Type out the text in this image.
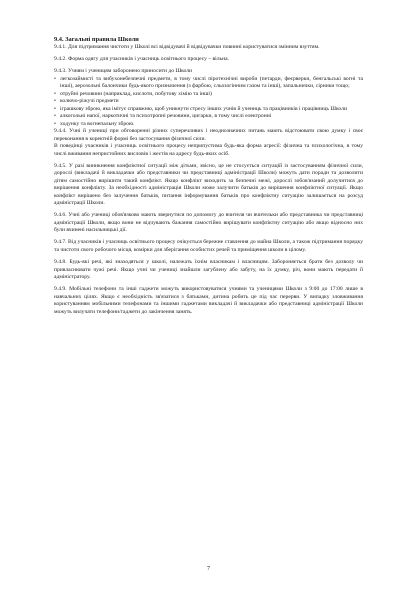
9.4. Загальні правила Школи

9.4.1. Для підтримання чистоти у Школі всі відвідувачі й відвідувачки повинні користуватися змінним взуттям.

9.4.2. Форма одягу для учасників і учасниць освітнього процесу – вільна.

9.4.3. Учням і ученицям заборонено приносити до Школи

• легкозаймисті та вибухонебезпечні предмети, в тому числі піротехнічні вироби (петарди, феєрверки, бенгальські вогні та інші), аерозольні балончики будь-якого призначення (з фарбою, сльозогінним газом та інші), запальнички, сірники тощо;
• отруйні речовини (наприклад, кислоти, побутову хімію та інші)
• колючо-ріжучі предмети
• іграшкову зброю, яка імітує справжню, щоб уникнути стресу інших учнів й учениць та працівників і працівниць Школи
• алкогольні напої, наркотичні та психотропні речовини, цигарки, в тому числі електронні
• ходунку та вогнепальну зброю.

9.4.4. Учні й учениці при обговоренні різних суперечливих і неоднозначних питань мають відстоювати свою думку і своє переконання в коректній формі без застосування фізичної сили.

В поведінці учасників і учасниць освітнього процесу неприпустима будь-яка форма агресії: фізична та психологічна, в тому числі вживання непристойних висловів і жестів на адресу будь-яких осіб.

9.4.5. У разі виникнення конфліктної ситуації між дітьми, звісно, це не стосується ситуацій із застосуванням фізичної сили, дорослі (викладачі й викладачки або представники чи представниці адміністрації Школи) можуть дати поради та дозволити дітям самостійно вирішити такий конфлікт. Якщо конфлікт виходить за безпечні межі, дорослі зобов'язаний долучитися до вирішення конфлікту. За необхідності адміністрація Школи може залучити батьків до вирішення конфліктної ситуації. Якщо конфлікт вирішено без залучення батьків, питання інформування батьків про конфліктну ситуацію залишається на розсуд адміністрації Школи.

9.4.6. Учні або учениці обов'язково мають звернутися по допомогу до вчителя чи вчительки або представника чи представниці адміністрації Школи, якщо вони не відчувають бажання самостійно вирішувати конфліктну ситуацію або якщо відносно них були вчинені насильницькі дії.

9.4.7. Від учасників і учасниць освітнього процесу очікується бережне ставлення до майна Школи, а також підтримання порядку та чистоти свого робочого місця, комірки для зберігання особистих речей та приміщення школи в цілому.

9.4.8. Будь-які речі, які знаходяться у школі, належать їхнім власникам і власницям. Забороняється брати без дозволу чи привласнювати чужі речі. Якщо учні чи учениці знайшли загублену або забуту, на їх думку, річ, вони мають передати її адміністратору.

9.4.9. Мобільні телефони та інші гаджети можуть використовуватися учнями та ученицями Школи з 9:00 до 17:00 лише в навчальних цілях. Якщо є необхідність зв'язатися з батьками, дитина робить це під час перерви. У випадку зловживання користуванням мобільними телефонами та іншими гаджетами викладачі й викладачки або представниці адміністрації Школи можуть вилучати телефони/гаджети до закінчення занять.

7
